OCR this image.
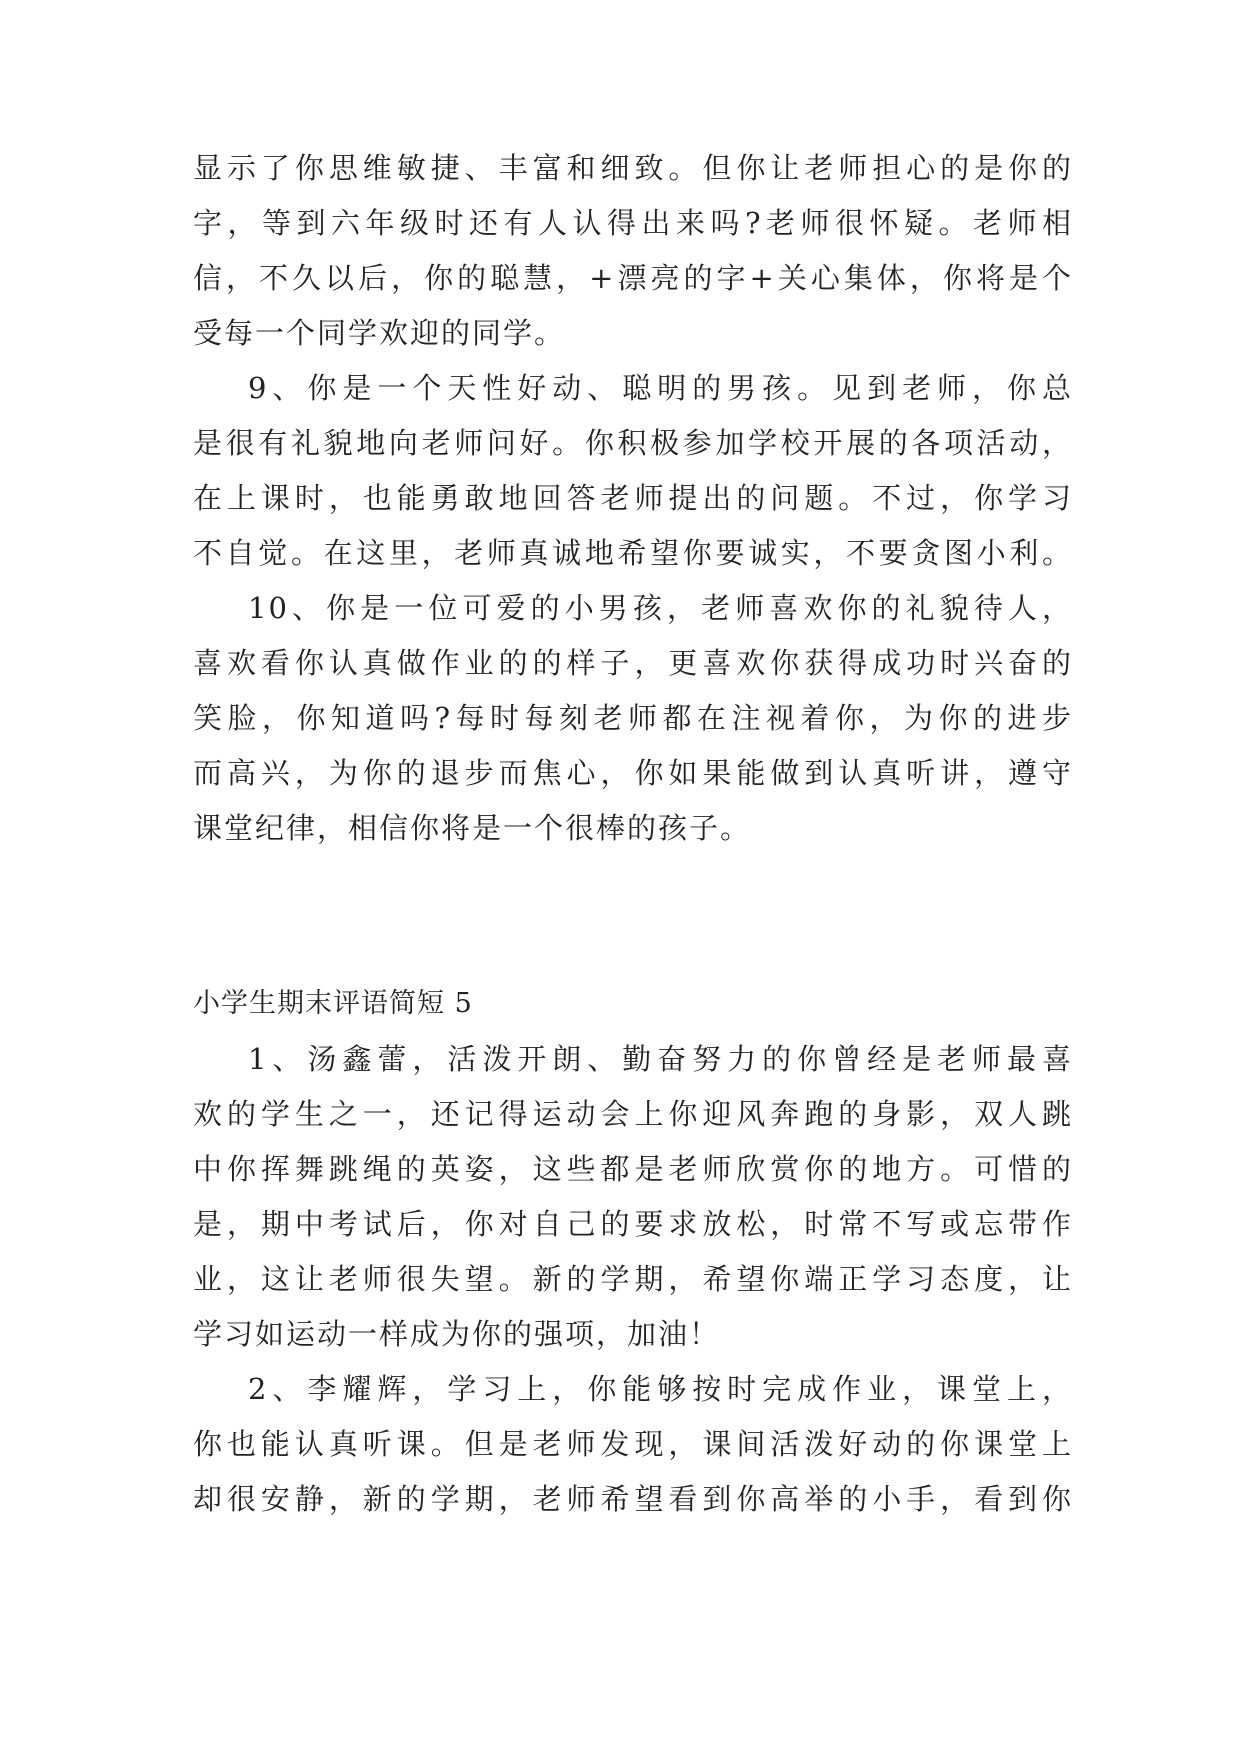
显示了你思维敏捷、丰富和细致。但你让老师担心的是你的
字，等到六年级时还有人认得出来吗?老师很怀疑。老师相
信，不久以后，你的聪慧，+漂亮的字+关心集体，你将是个
受每一个同学欢迎的同学。
9、你是一个天性好动、聪明的男孩。见到老师，你总
是很有礼貌地向老师问好。你积极参加学校开展的各项活动，
在上课时，也能勇敢地回答老师提出的问题。不过，你学习
不自觉。在这里，老师真诚地希望你要诚实，不要贪图小利。
10、你是一位可爱的小男孩，老师喜欢你的礼貌待人，
喜欢看你认真做作业的的样子，更喜欢你获得成功时兴奋的
笑脸，你知道吗?每时每刻老师都在注视着你，为你的进步
而高兴，为你的退步而焦心，你如果能做到认真听讲，遵守
课堂纪律，相信你将是一个很棒的孩子。
小学生期末评语简短 5
1、汤鑫蕾，活泼开朗、勤奋努力的你曾经是老师最喜
欢的学生之一，还记得运动会上你迎风奔跑的身影，双人跳
中你挥舞跳绳的英姿，这些都是老师欣赏你的地方。可惜的
是，期中考试后，你对自己的要求放松，时常不写或忘带作
业，这让老师很失望。新的学期，希望你端正学习态度，让
学习如运动一样成为你的强项，加油！
2、李耀辉，学习上，你能够按时完成作业，课堂上，
你也能认真听课。但是老师发现，课间活泼好动的你课堂上
却很安静，新的学期，老师希望看到你高举的小手，看到你
